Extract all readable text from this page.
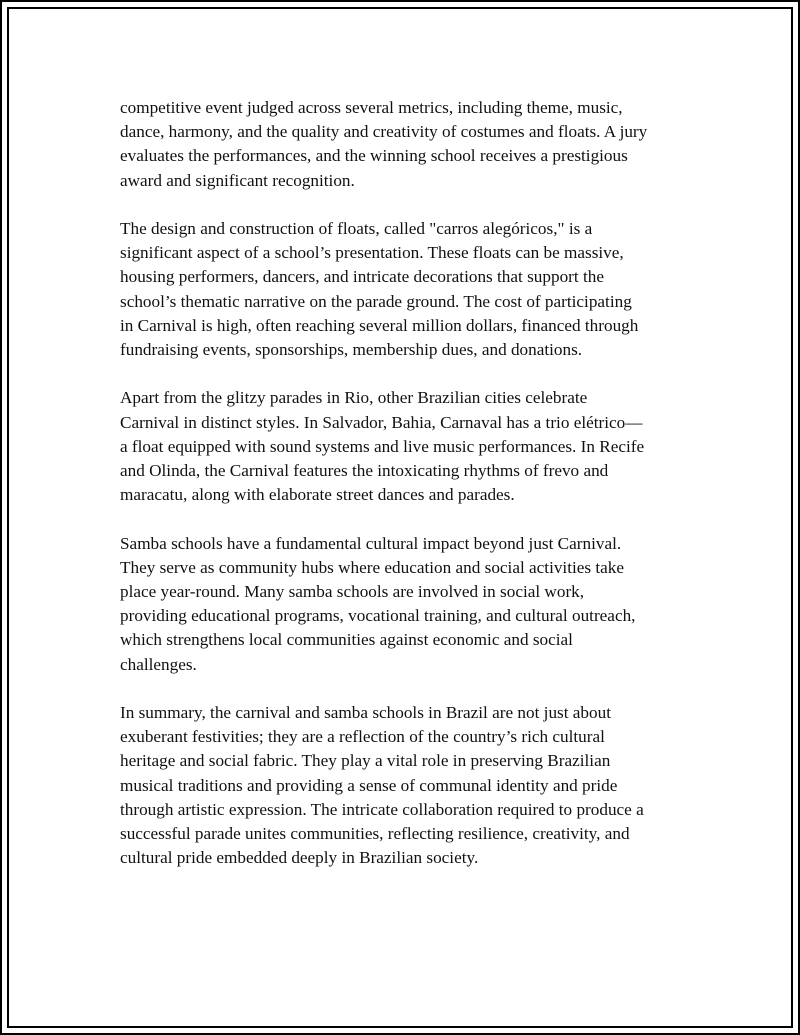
competitive event judged across several metrics, including theme, music,
dance, harmony, and the quality and creativity of costumes and floats. A jury
evaluates the performances, and the winning school receives a prestigious
award and significant recognition.

The design and construction of floats, called "carros alegóricos," is a
significant aspect of a school’s presentation. These floats can be massive,
housing performers, dancers, and intricate decorations that support the
school’s thematic narrative on the parade ground. The cost of participating
in Carnival is high, often reaching several million dollars, financed through
fundraising events, sponsorships, membership dues, and donations.

Apart from the glitzy parades in Rio, other Brazilian cities celebrate
Carnival in distinct styles. In Salvador, Bahia, Carnaval has a trio elétrico—
a float equipped with sound systems and live music performances. In Recife
and Olinda, the Carnival features the intoxicating rhythms of frevo and
maracatu, along with elaborate street dances and parades.

Samba schools have a fundamental cultural impact beyond just Carnival.
They serve as community hubs where education and social activities take
place year-round. Many samba schools are involved in social work,
providing educational programs, vocational training, and cultural outreach,
which strengthens local communities against economic and social
challenges.

In summary, the carnival and samba schools in Brazil are not just about
exuberant festivities; they are a reflection of the country’s rich cultural
heritage and social fabric. They play a vital role in preserving Brazilian
musical traditions and providing a sense of communal identity and pride
through artistic expression. The intricate collaboration required to produce a
successful parade unites communities, reflecting resilience, creativity, and
cultural pride embedded deeply in Brazilian society.
